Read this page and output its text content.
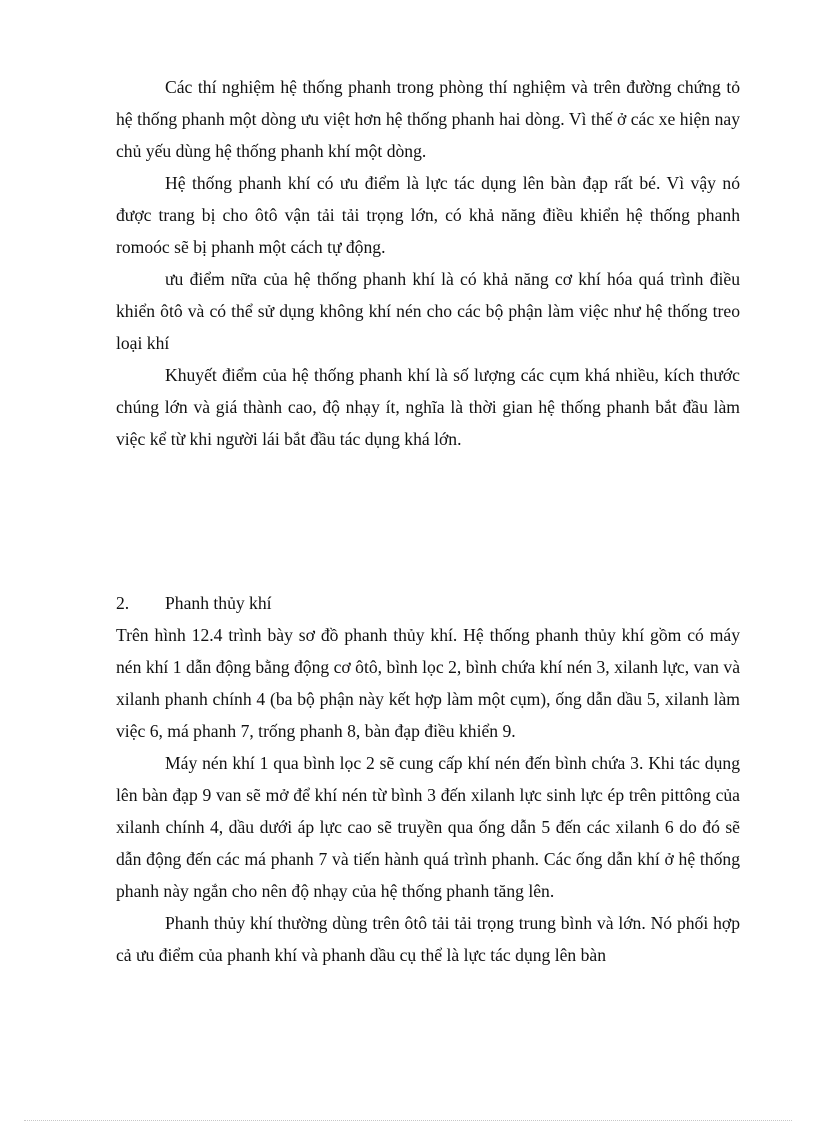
Các thí nghiệm hệ thống phanh trong phòng thí nghiệm và trên đường chứng tỏ hệ thống phanh một dòng ưu việt hơn hệ thống phanh hai dòng. Vì thế ở các xe hiện nay chủ yếu dùng hệ thống phanh khí một dòng.

Hệ thống phanh khí có ưu điểm là lực tác dụng lên bàn đạp rất bé. Vì vậy nó được trang bị cho ôtô vận tải tải trọng lớn, có khả năng điều khiển hệ thống phanh romoóc sẽ bị phanh một cách tự động.

ưu điểm nữa của hệ thống phanh khí là có khả năng cơ khí hóa quá trình điều khiển ôtô và có thể sử dụng không khí nén cho các bộ phận làm việc như hệ thống treo loại khí

Khuyết điểm của hệ thống phanh khí là số lượng các cụm khá nhiều, kích thước chúng lớn và giá thành cao, độ nhạy ít, nghĩa là thời gian hệ thống phanh bắt đầu làm việc kể từ khi người lái bắt đầu tác dụng khá lớn.

2.	Phanh thủy khí

Trên hình 12.4 trình bày sơ đồ phanh thủy khí. Hệ thống phanh thủy khí gồm có máy nén khí 1 dẫn động bằng động cơ ôtô, bình lọc 2, bình chứa khí nén 3, xilanh lực, van và xilanh phanh chính 4 (ba bộ phận này kết hợp làm một cụm), ống dẫn dầu 5, xilanh làm việc 6, má phanh 7, trống phanh 8, bàn đạp điều khiển 9.

Máy nén khí 1 qua bình lọc 2 sẽ cung cấp khí nén đến bình chứa 3. Khi tác dụng lên bàn đạp 9 van sẽ mở để khí nén từ bình 3 đến xilanh lực sinh lực ép trên pittông của xilanh chính 4, dầu dưới áp lực cao sẽ truyền qua ống dẫn 5 đến các xilanh 6 do đó sẽ dẫn động đến các má phanh 7 và tiến hành quá trình phanh. Các ống dẫn khí ở hệ thống phanh này ngắn cho nên độ nhạy của hệ thống phanh tăng lên.

Phanh thủy khí thường dùng trên ôtô tải tải trọng trung bình và lớn. Nó phối hợp cả ưu điểm của phanh khí và phanh dầu cụ thể là lực tác dụng lên bàn
